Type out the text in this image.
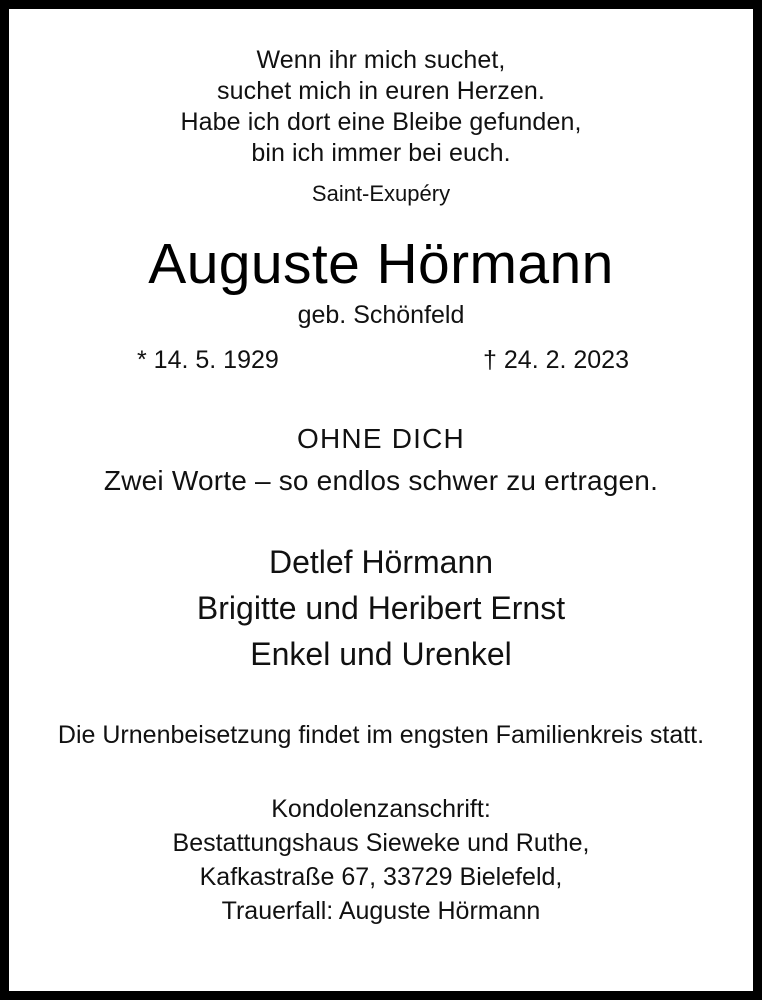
Wenn ihr mich suchet,
suchet mich in euren Herzen.
Habe ich dort eine Bleibe gefunden,
bin ich immer bei euch.
Saint-Exupéry
Auguste Hörmann
geb. Schönfeld
* 14. 5. 1929	† 24. 2. 2023
OHNE DICH
Zwei Worte – so endlos schwer zu ertragen.
Detlef Hörmann
Brigitte und Heribert Ernst
Enkel und Urenkel
Die Urnenbeisetzung findet im engsten Familienkreis statt.
Kondolenzanschrift:
Bestattungshaus Sieweke und Ruthe,
Kafkastraße 67, 33729 Bielefeld,
Trauerfall: Auguste Hörmann
